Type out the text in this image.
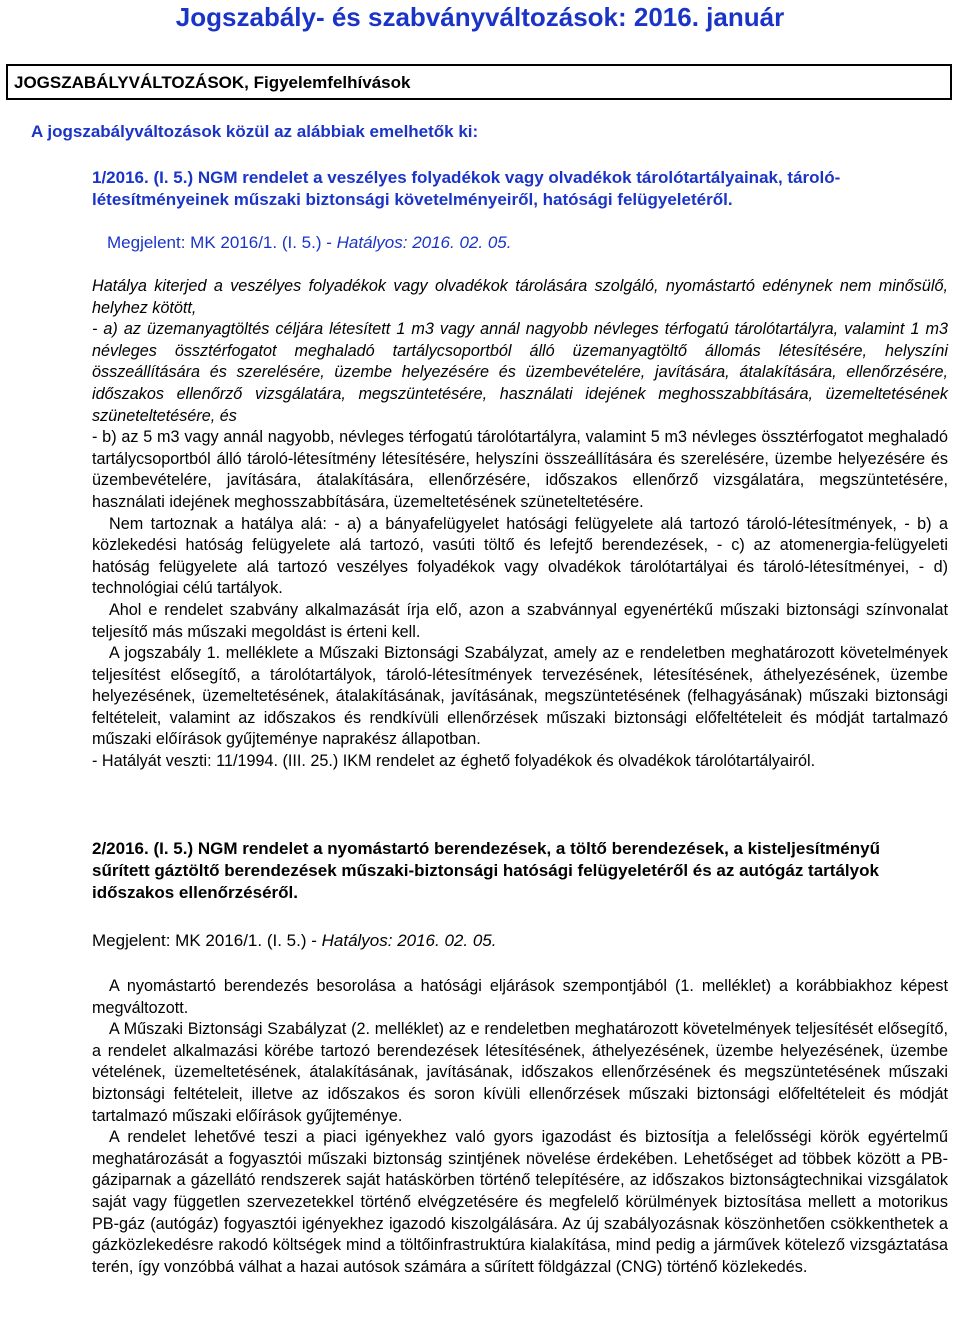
Jogszabály- és szabványváltozások: 2016. január
JOGSZABÁLYVÁLTOZÁSOK, Figyelemfelhívások
A jogszabályváltozások közül az alábbiak emelhetők ki:
1/2016. (I. 5.) NGM rendelet a veszélyes folyadékok vagy olvadékok tárolótartályainak, tároló-létesítményeinek műszaki biztonsági követelményeiről, hatósági felügyeletéről.
Megjelent: MK 2016/1. (I. 5.) - Hatályos: 2016. 02. 05.

Hatálya kiterjed a veszélyes folyadékok vagy olvadékok tárolására szolgáló, nyomástartó edénynek nem minősülő, helyhez kötött,

- a) az üzemanyagtöltés céljára létesített 1 m3 vagy annál nagyobb névleges térfogatú tárolótartályra, valamint 1 m3 névleges össztérfogatot meghaladó tartálycsoportból álló üzemanyagtöltő állomás létesítésére, helyszíni összeállítására és szerelésére, üzembe helyezésére és üzembevételére, javítására, átalakítására, ellenőrzésére, időszakos ellenőrző vizsgálatára, megszüntetésére, használati idejének meghosszabbítására, üzemeltetésének szüneteltetésére, és

- b) az 5 m3 vagy annál nagyobb, névleges térfogatú tárolótartályra, valamint 5 m3 névleges össztérfogatot meghaladó tartálycsoportból álló tároló-létesítmény létesítésére, helyszíni összeállítására és szerelésére, üzembe helyezésére és üzembevételére, javítására, átalakítására, ellenőrzésére, időszakos ellenőrző vizsgálatára, megszüntetésére, használati idejének meghosszabbítására, üzemeltetésének szüneteltetésére.

Nem tartoznak a hatálya alá: - a) a bányafelügyelet hatósági felügyelete alá tartozó tároló-létesítmények, - b) a közlekedési hatóság felügyelete alá tartozó, vasúti töltő és lefejtő berendezések, - c) az atomenergia-felügyeleti hatóság felügyelete alá tartozó veszélyes folyadékok vagy olvadékok tárolótartályai és tároló-létesítményei, - d) technológiai célú tartályok.

Ahol e rendelet szabvány alkalmazását írja elő, azon a szabvánnyal egyenértékű műszaki biztonsági színvonalat teljesítő más műszaki megoldást is érteni kell.

A jogszabály 1. melléklete a Műszaki Biztonsági Szabályzat, amely az e rendeletben meghatározott követelmények teljesítést elősegítő, a tárolótartályok, tároló-létesítmények tervezésének, létesítésének, áthelyezésének, üzembe helyezésének, üzemeltetésének, átalakításának, javításának, megszüntetésének (felhagyásának) műszaki biztonsági feltételeit, valamint az időszakos és rendkívüli ellenőrzések műszaki biztonsági előfeltételeit és módját tartalmazó műszaki előírások gyűjteménye naprakész állapotban.

- Hatályát veszti: 11/1994. (III. 25.) IKM rendelet az éghető folyadékok és olvadékok tárolótartályairól.

2/2016. (I. 5.) NGM rendelet a nyomástartó berendezések, a töltő berendezések, a kisteljesítményű sűrített gáztöltő berendezések műszaki-biztonsági hatósági felügyeletéről és az autógáz tartályok időszakos ellenőrzéséről.
Megjelent: MK 2016/1. (I. 5.) - Hatályos: 2016. 02. 05.

A nyomástartó berendezés besorolása a hatósági eljárások szempontjából (1. melléklet) a korábbiakhoz képest megváltozott.

A Műszaki Biztonsági Szabályzat (2. melléklet) az e rendeletben meghatározott követelmények teljesítését elősegítő, a rendelet alkalmazási körébe tartozó berendezések létesítésének, áthelyezésének, üzembe helyezésének, üzembe vételének, üzemeltetésének, átalakításának, javításának, időszakos ellenőrzésének és megszüntetésének műszaki biztonsági feltételeit, illetve az időszakos és soron kívüli ellenőrzések műszaki biztonsági előfeltételeit és módját tartalmazó műszaki előírások gyűjteménye.

A rendelet lehetővé teszi a piaci igényekhez való gyors igazodást és biztosítja a felelősségi körök egyértelmű meghatározását a fogyasztói műszaki biztonság szintjének növelése érdekében. Lehetőséget ad többek között a PB-gáziparnak a gázellátó rendszerek saját hatáskörben történő telepítésére, az időszakos biztonságtechnikai vizsgálatok saját vagy független szervezetekkel történő elvégzetésére és megfelelő körülmények biztosítása mellett a motorikus PB-gáz (autógáz) fogyasztói igényekhez igazodó kiszolgálására. Az új szabályozásnak köszönhetően csökkenthetek a gázközlekedésre rakodó költségek mind a töltőinfrastruktúra kialakítása, mind pedig a járművek kötelező vizsgáztatása terén, így vonzóbbá válhat a hazai autósok számára a sűrített földgázzal (CNG) történő közlekedés.
